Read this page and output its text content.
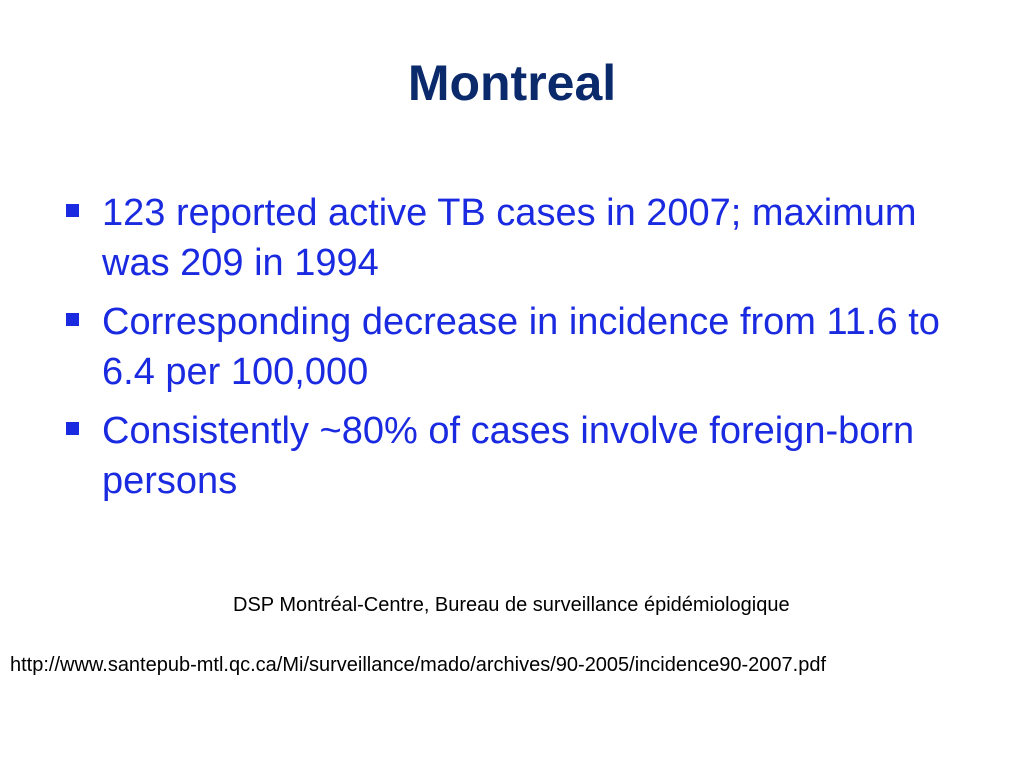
Montreal
123 reported active TB cases in 2007; maximum was 209 in 1994
Corresponding decrease in incidence from 11.6 to 6.4 per 100,000
Consistently ~80% of cases involve foreign-born persons
DSP Montréal-Centre, Bureau de surveillance épidémiologique
http://www.santepub-mtl.qc.ca/Mi/surveillance/mado/archives/90-2005/incidence90-2007.pdf
